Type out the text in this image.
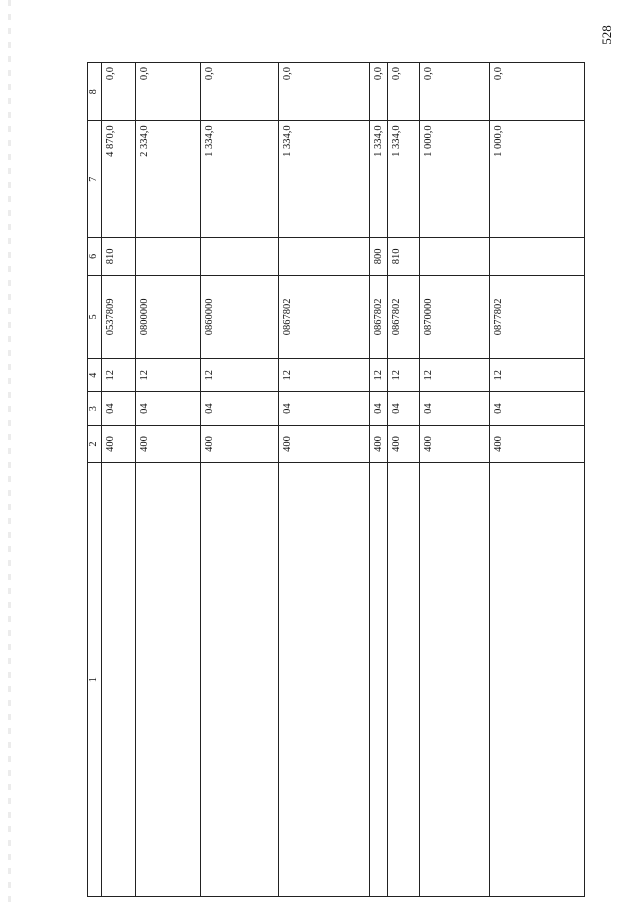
528
1	2	3	4	5	6	7	8
	400	04	12	0537809	810	4 870,0	0,0
	400	04	12	0800000		2 334,0	0,0
	400	04	12	0860000		1 334,0	0,0
	400	04	12	0867802		1 334,0	0,0
	400	04	12	0867802	800	1 334,0	0,0
	400	04	12	0867802	810	1 334,0	0,0
	400	04	12	0870000		1 000,0	0,0
	400	04	12	0877802		1 000,0	0,0
